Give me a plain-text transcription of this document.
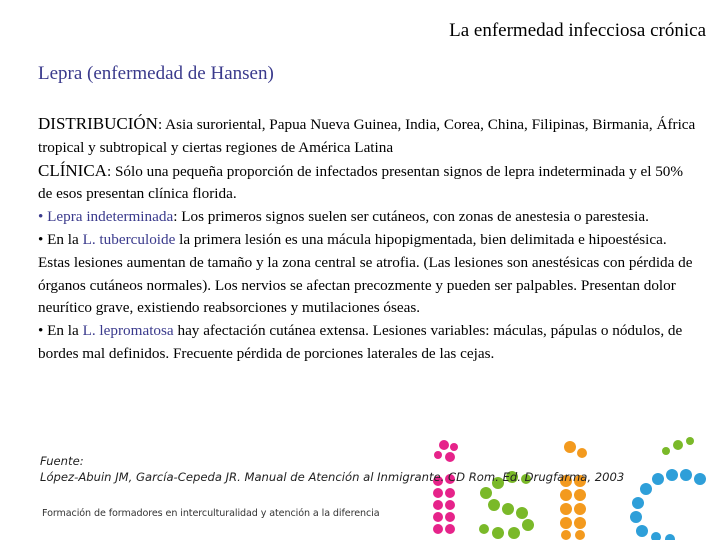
La enfermedad infecciosa crónica
Lepra (enfermedad de Hansen)

DISTRIBUCIÓN: Asia suroriental, Papua Nueva Guinea, India, Corea, China, Filipinas, Birmania, África tropical y subtropical y ciertas regiones de América Latina

CLÍNICA: Sólo una pequeña proporción de infectados presentan signos de lepra indeterminada y el 50% de esos presentan clínica florida.

• Lepra indeterminada: Los primeros signos suelen ser cutáneos, con zonas de anestesia o parestesia.

• En la L. tuberculoide la primera lesión es una mácula hipopigmentada, bien delimitada e hipoestésica. Estas lesiones aumentan de tamaño y la zona central se atrofia. (Las lesiones son anestésicas con pérdida de órganos cutáneos normales). Los nervios se afectan precozmente y pueden ser palpables. Presentan dolor neurítico grave, existiendo reabsorciones y mutilaciones óseas.

• En la L. lepromatosa hay afectación cutánea extensa. Lesiones variables: máculas, pápulas o nódulos, de bordes mal definidos. Frecuente pérdida de porciones laterales de las cejas.

Fuente:
López-Abuin JM, García-Cepeda JR. Manual de Atención al Inmigrante. CD Rom. Ed. Drugfarma, 2003
Formación de formadores en interculturalidad y atención a la diferencia
